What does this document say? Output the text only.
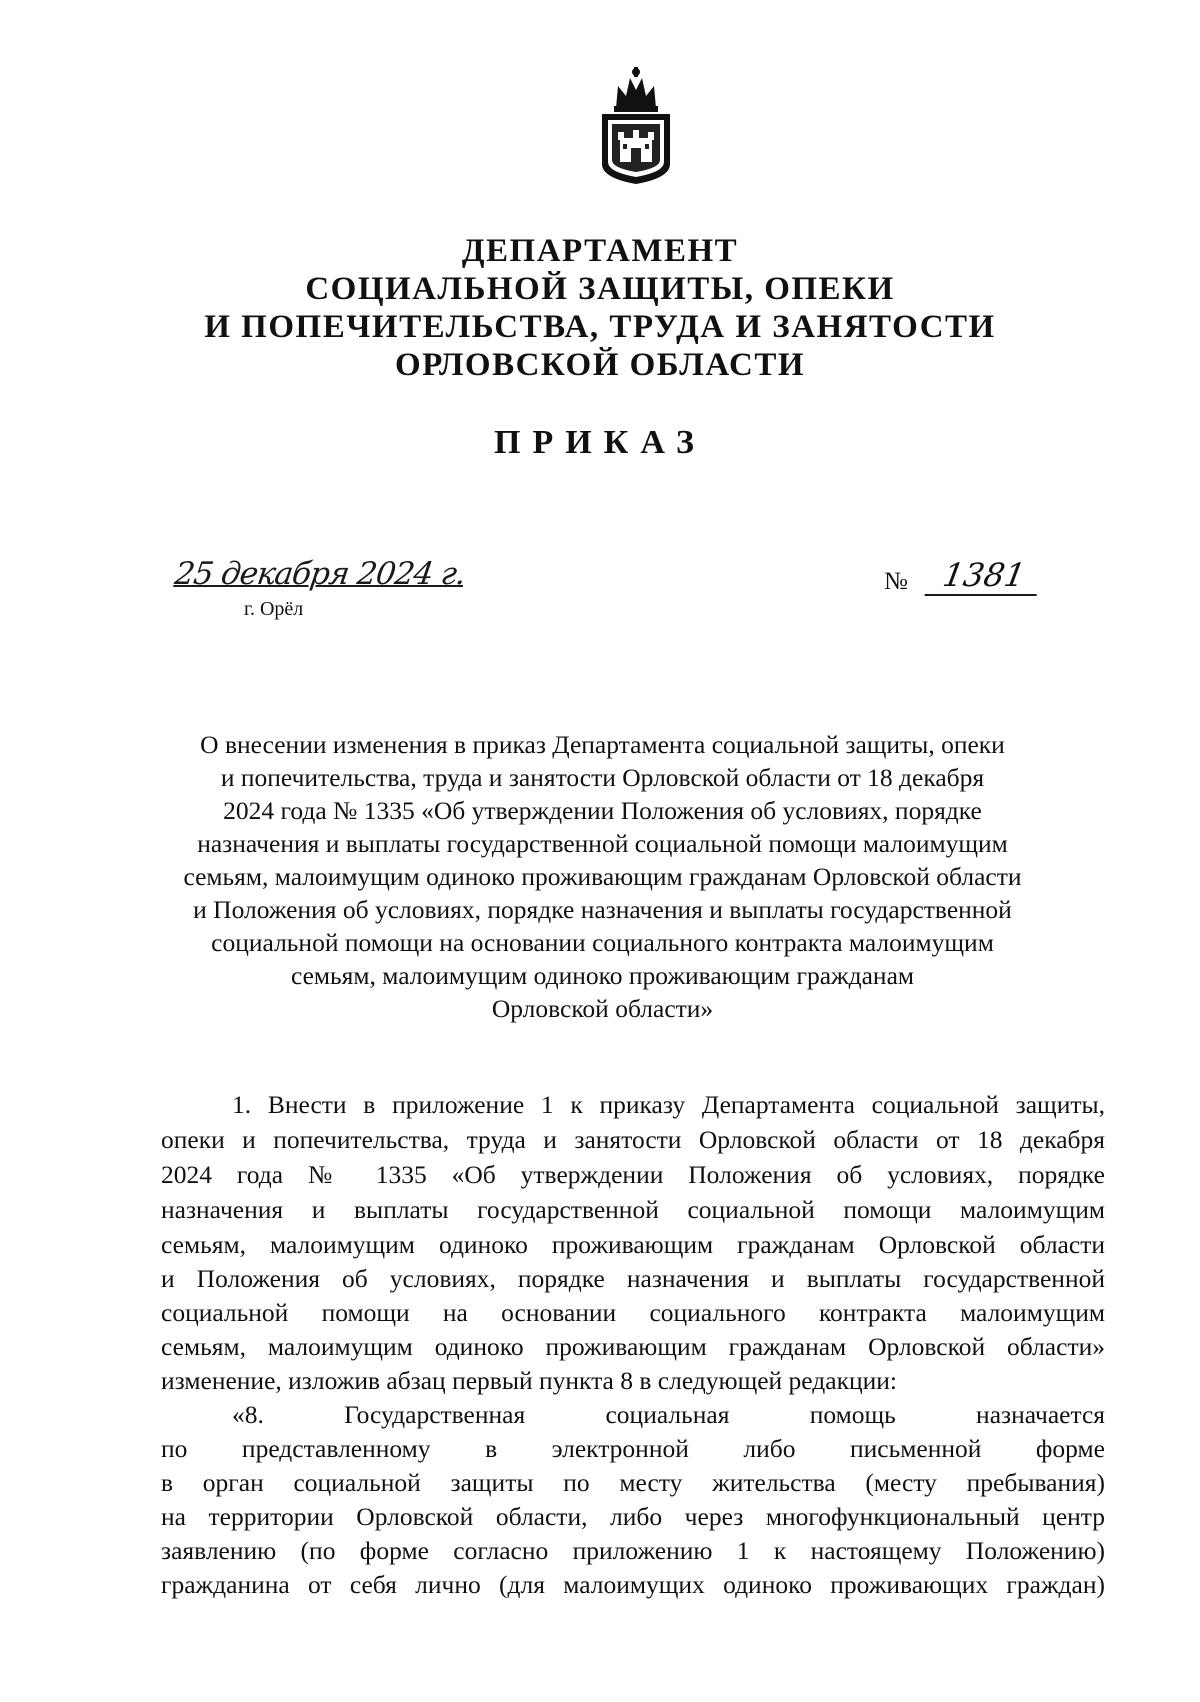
ДЕПАРТАМЕНТ
СОЦИАЛЬНОЙ ЗАЩИТЫ, ОПЕКИ
И ПОПЕЧИТЕЛЬСТВА, ТРУДА И ЗАНЯТОСТИ
ОРЛОВСКОЙ ОБЛАСТИ
ПРИКАЗ
25 декабря 2024 г.
г. Орёл
№	1381
О внесении изменения в приказ Департамента социальной защиты, опеки
и попечительства, труда и занятости Орловской области от 18 декабря
2024 года № 1335 «Об утверждении Положения об условиях, порядке
назначения и выплаты государственной социальной помощи малоимущим
семьям, малоимущим одиноко проживающим гражданам Орловской области
и Положения об условиях, порядке назначения и выплаты государственной
социальной помощи на основании социального контракта малоимущим
семьям, малоимущим одиноко проживающим гражданам
Орловской области»
1. Внести в приложение 1 к приказу Департамента социальной защиты,
опеки и попечительства, труда и занятости Орловской области от 18 декабря
2024 года № 1335 «Об утверждении Положения об условиях, порядке
назначения и выплаты государственной социальной помощи малоимущим
семьям, малоимущим одиноко проживающим гражданам Орловской области
и Положения об условиях, порядке назначения и выплаты государственной
социальной помощи на основании социального контракта малоимущим
семьям, малоимущим одиноко проживающим гражданам Орловской области»
изменение, изложив абзац первый пункта 8 в следующей редакции:
«8. Государственная социальная помощь назначается
по представленному в электронной либо письменной форме
в орган социальной защиты по месту жительства (месту пребывания)
на территории Орловской области, либо через многофункциональный центр
заявлению (по форме согласно приложению 1 к настоящему Положению)
гражданина от себя лично (для малоимущих одиноко проживающих граждан)
